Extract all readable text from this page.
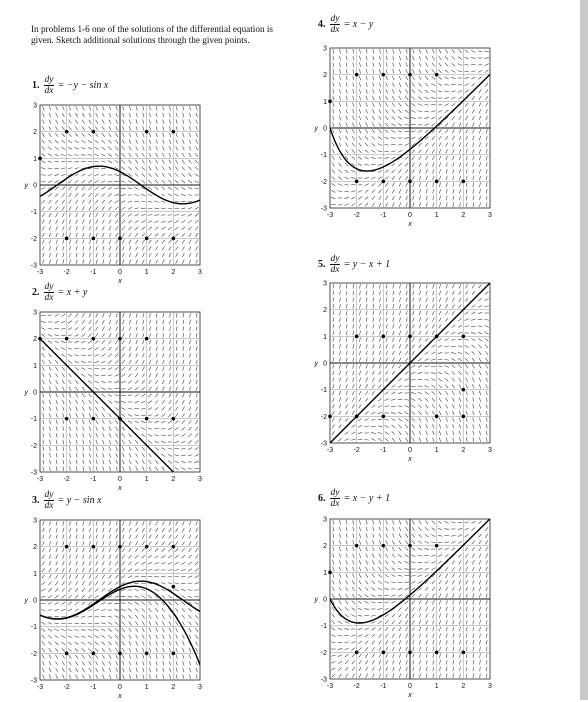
In problems 1-6 one of the solutions of the differential equation is given. Sketch additional solutions through the given points.
1. $\frac{dy}{dx} = -y - \sin x$
-3	-2	-1	0	1	2	3
-3
-2
-1
0
1
2
3
x
y
4. $\frac{dy}{dx} = x - y$
-3	-2	-1	0	1	2	3
-3
-2
-1
0
1
2
3
x
y
2. $\frac{dy}{dx} = x + y$
-3	-2	-1	0	1	2	3
-3
-2
-1
0
1
2
3
x
y
5. $\frac{dy}{dx} = y - x + 1$
-3	-2	-1	0	1	2	3
-3
-2
-1
0
1
2
3
x
y
3. $\frac{dy}{dx} = y - \sin x$
-3	-2	-1	0	1	2	3
-3
-2
-1
0
1
2
3
x
y
6. $\frac{dy}{dx} = x - y + 1$
-3	-2	-1	0	1	2	3
-3
-2
-1
0
1
2
3
x
y
